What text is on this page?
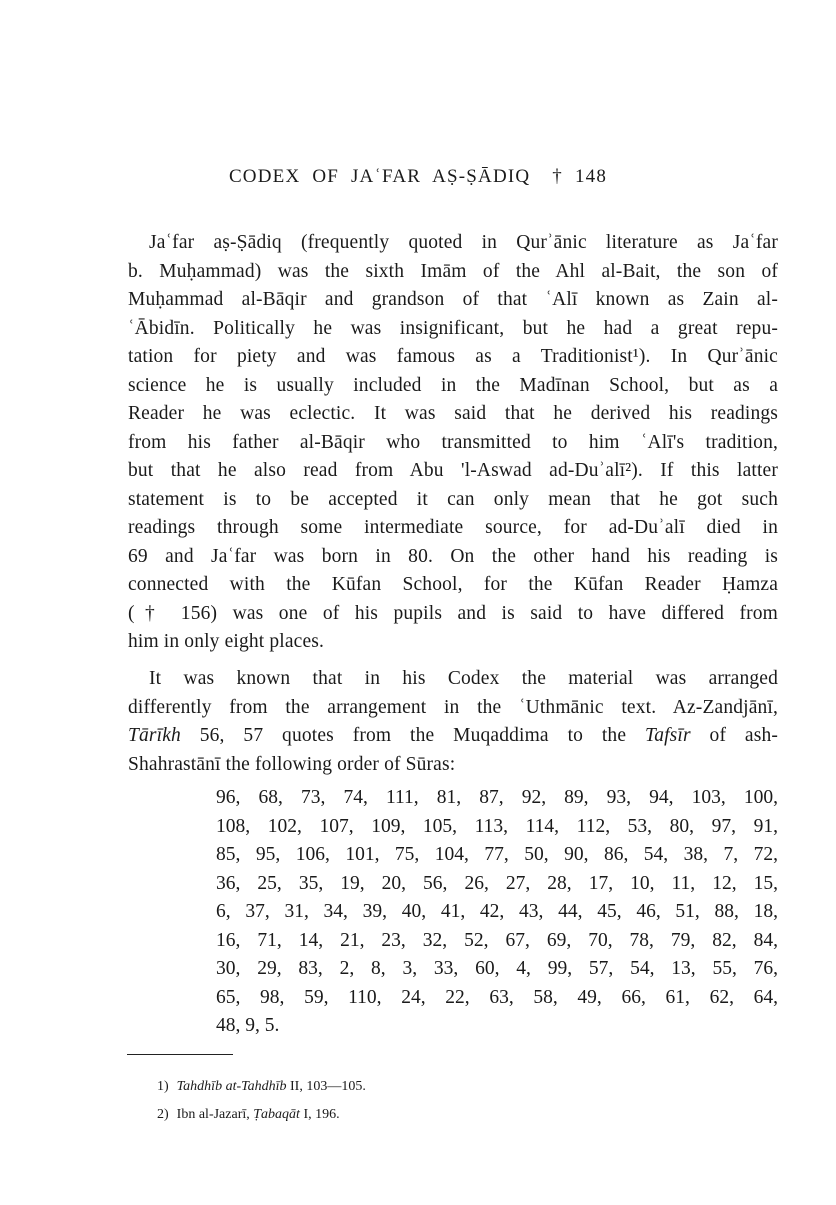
CODEX OF JAʿFAR AṢ-ṢĀDIQ † 148
Jaʿfar aṣ-Ṣādiq (frequently quoted in Qurʾānic literature as Jaʿfar
b. Muḥammad) was the sixth Imām of the Ahl al-Bait, the son of
Muḥammad al-Bāqir and grandson of that ʿAlī known as Zain al-
ʿĀbidīn. Politically he was insignificant, but he had a great repu-
tation for piety and was famous as a Traditionist¹). In Qurʾānic
science he is usually included in the Madīnan School, but as a
Reader he was eclectic. It was said that he derived his readings
from his father al-Bāqir who transmitted to him ʿAlī's tradition,
but that he also read from Abu 'l-Aswad ad-Duʾalī²). If this latter
statement is to be accepted it can only mean that he got such
readings through some intermediate source, for ad-Duʾalī died in
69 and Jaʿfar was born in 80. On the other hand his reading is
connected with the Kūfan School, for the Kūfan Reader Ḥamza
(† 156) was one of his pupils and is said to have differed from
him in only eight places.
It was known that in his Codex the material was arranged
differently from the arrangement in the ʿUthmānic text. Az-Zandjānī,
Tārīkh 56, 57 quotes from the Muqaddima to the Tafsīr of ash-
Shahrastānī the following order of Sūras:
96, 68, 73, 74, 111, 81, 87, 92, 89, 93, 94, 103, 100,
108, 102, 107, 109, 105, 113, 114, 112, 53, 80, 97, 91,
85, 95, 106, 101, 75, 104, 77, 50, 90, 86, 54, 38, 7, 72,
36, 25, 35, 19, 20, 56, 26, 27, 28, 17, 10, 11, 12, 15,
6, 37, 31, 34, 39, 40, 41, 42, 43, 44, 45, 46, 51, 88, 18,
16, 71, 14, 21, 23, 32, 52, 67, 69, 70, 78, 79, 82, 84,
30, 29, 83, 2, 8, 3, 33, 60, 4, 99, 57, 54, 13, 55, 76,
65, 98, 59, 110, 24, 22, 63, 58, 49, 66, 61, 62, 64,
48, 9, 5.
1) Tahdhīb at-Tahdhīb II, 103—105.
2) Ibn al-Jazarī, Ṭabaqāt I, 196.
